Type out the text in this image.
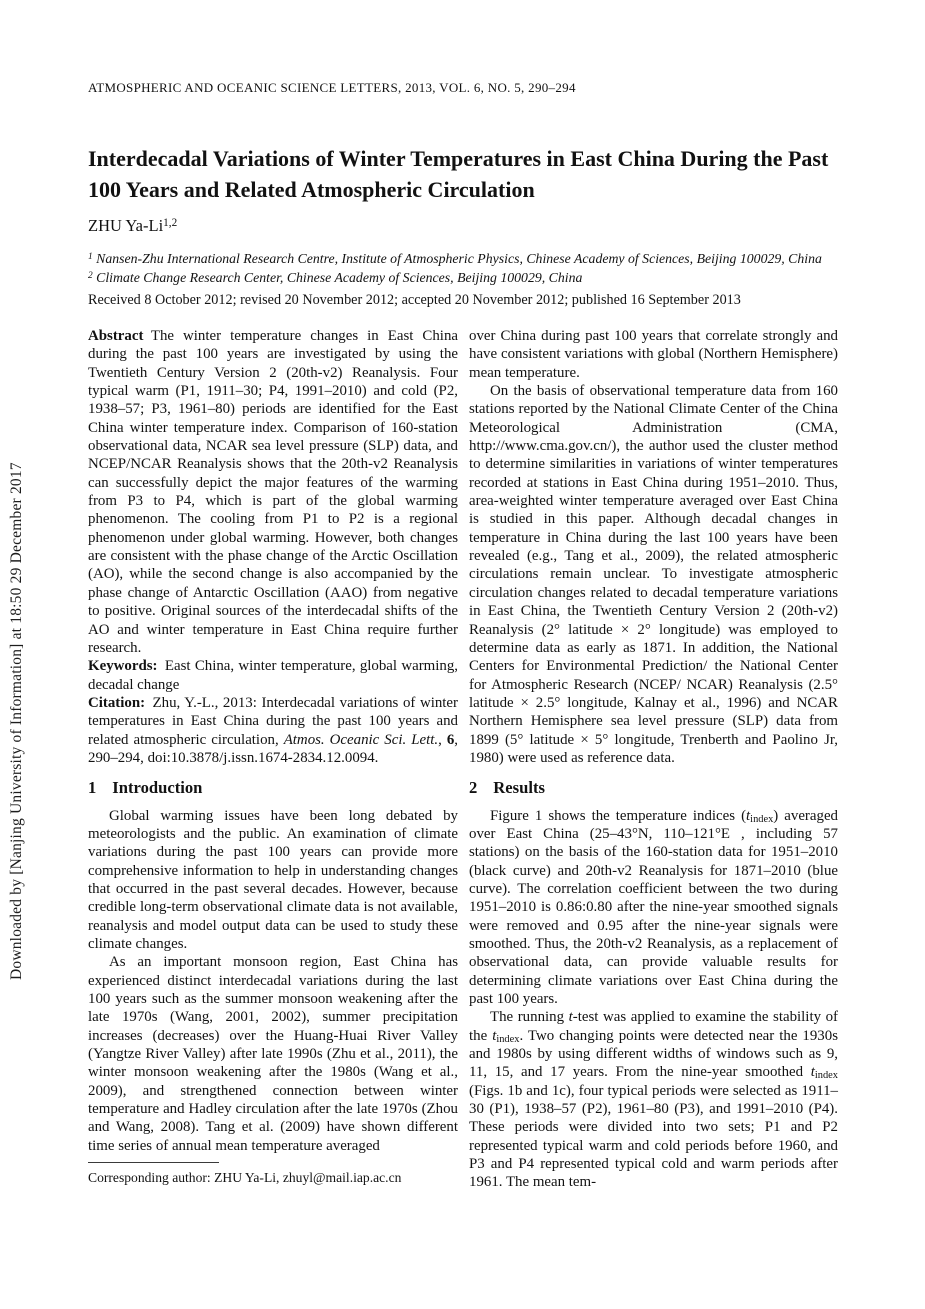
Downloaded by [Nanjing University of Information] at 18:50 29 December 2017
ATMOSPHERIC AND OCEANIC SCIENCE LETTERS, 2013, VOL. 6, NO. 5, 290–294
Interdecadal Variations of Winter Temperatures in East China During the Past 100 Years and Related Atmospheric Circulation
ZHU Ya-Li$^{1,2}$
$^1$ Nansen-Zhu International Research Centre, Institute of Atmospheric Physics, Chinese Academy of Sciences, Beijing 100029, China
$^2$ Climate Change Research Center, Chinese Academy of Sciences, Beijing 100029, China
Received 8 October 2012; revised 20 November 2012; accepted 20 November 2012; published 16 September 2013

Abstract The winter temperature changes in East China during the past 100 years are investigated by using the Twentieth Century Version 2 (20th-v2) Reanalysis. Four typical warm (P1, 1911–30; P4, 1991–2010) and cold (P2, 1938–57; P3, 1961–80) periods are identified for the East China winter temperature index. Comparison of 160-station observational data, NCAR sea level pressure (SLP) data, and NCEP/NCAR Reanalysis shows that the 20th-v2 Reanalysis can successfully depict the major features of the warming from P3 to P4, which is part of the global warming phenomenon. The cooling from P1 to P2 is a regional phenomenon under global warming. However, both changes are consistent with the phase change of the Arctic Oscillation (AO), while the second change is also accompanied by the phase change of Antarctic Oscillation (AAO) from negative to positive. Original sources of the interdecadal shifts of the AO and winter temperature in East China require further research.

Keywords: East China, winter temperature, global warming, decadal change

Citation: Zhu, Y.-L., 2013: Interdecadal variations of winter temperatures in East China during the past 100 years and related atmospheric circulation, Atmos. Oceanic Sci. Lett., 6, 290–294, doi:10.3878/j.issn.1674-2834.12.0094.

1 Introduction

Global warming issues have been long debated by meteorologists and the public. An examination of climate variations during the past 100 years can provide more comprehensive information to help in understanding changes that occurred in the past several decades. However, because credible long-term observational climate data is not available, reanalysis and model output data can be used to study these climate changes.

As an important monsoon region, East China has experienced distinct interdecadal variations during the last 100 years such as the summer monsoon weakening after the late 1970s (Wang, 2001, 2002), summer precipitation increases (decreases) over the Huang-Huai River Valley (Yangtze River Valley) after late 1990s (Zhu et al., 2011), the winter monsoon weakening after the 1980s (Wang et al., 2009), and strengthened connection between winter temperature and Hadley circulation after the late 1970s (Zhou and Wang, 2008). Tang et al. (2009) have shown different time series of annual mean temperature averaged

over China during past 100 years that correlate strongly and have consistent variations with global (Northern Hemisphere) mean temperature.

On the basis of observational temperature data from 160 stations reported by the National Climate Center of the China Meteorological Administration (CMA, http://www.cma.gov.cn/), the author used the cluster method to determine similarities in variations of winter temperatures recorded at stations in East China during 1951–2010. Thus, area-weighted winter temperature averaged over East China is studied in this paper. Although decadal changes in temperature in China during the last 100 years have been revealed (e.g., Tang et al., 2009), the related atmospheric circulations remain unclear. To investigate atmospheric circulation changes related to decadal temperature variations in East China, the Twentieth Century Version 2 (20th-v2) Reanalysis (2° latitude × 2° longitude) was employed to determine data as early as 1871. In addition, the National Centers for Environmental Prediction/ the National Center for Atmospheric Research (NCEP/ NCAR) Reanalysis (2.5° latitude × 2.5° longitude, Kalnay et al., 1996) and NCAR Northern Hemisphere sea level pressure (SLP) data from 1899 (5° latitude × 5° longitude, Trenberth and Paolino Jr, 1980) were used as reference data.

2 Results

Figure 1 shows the temperature indices $(t_{index})$ averaged over East China (25–43°N, 110–121°E , including 57 stations) on the basis of the 160-station data for 1951–2010 (black curve) and 20th-v2 Reanalysis for 1871–2010 (blue curve). The correlation coefficient between the two during 1951–2010 is 0.86:0.80 after the nine-year smoothed signals were removed and 0.95 after the nine-year signals were smoothed. Thus, the 20th-v2 Reanalysis, as a replacement of observational data, can provide valuable results for determining climate variations over East China during the past 100 years.

The running t-test was applied to examine the stability of the $t_{index}$. Two changing points were detected near the 1930s and 1980s by using different widths of windows such as 9, 11, 15, and 17 years. From the nine-year smoothed $t_{index}$ (Figs. 1b and 1c), four typical periods were selected as 1911–30 (P1), 1938–57 (P2), 1961–80 (P3), and 1991–2010 (P4). These periods were divided into two sets; P1 and P2 represented typical warm and cold periods before 1960, and P3 and P4 represented typical cold and warm periods after 1961. The mean tem-

Corresponding author: ZHU Ya-Li, zhuyl@mail.iap.ac.cn
